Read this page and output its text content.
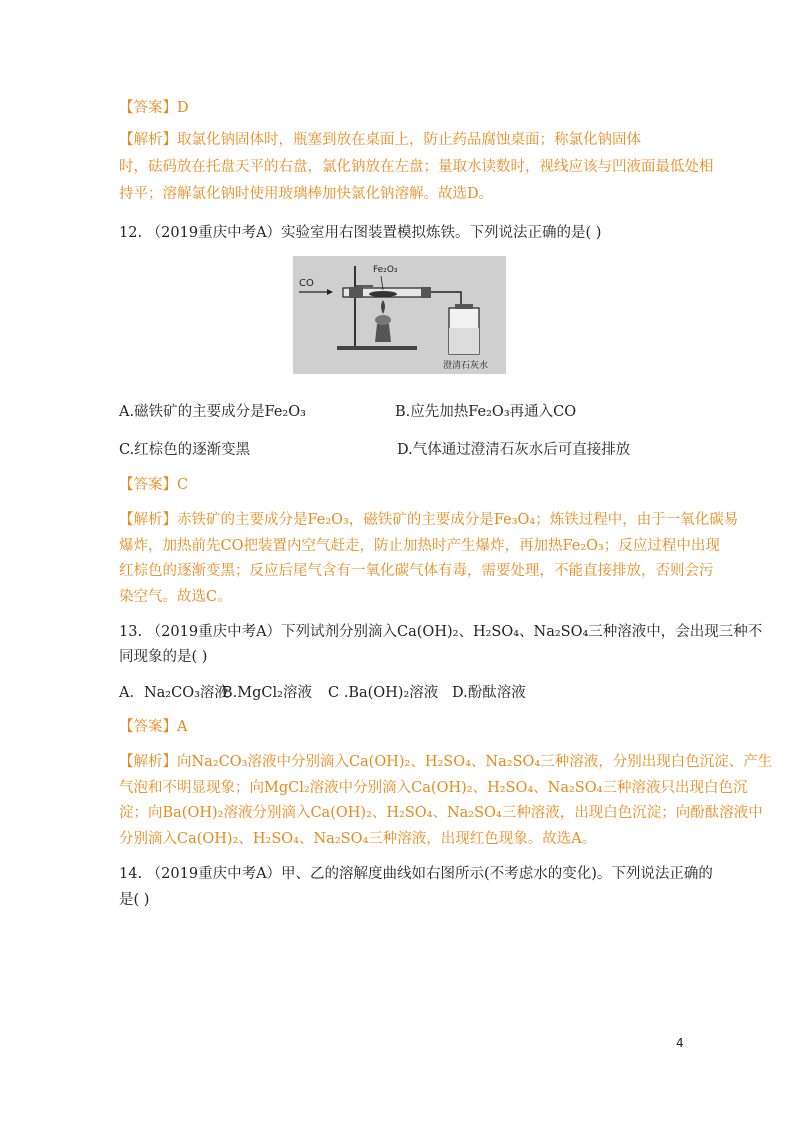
【答案】D
【解析】取氯化钠固体时，瓶塞到放在桌面上，防止药品腐蚀桌面；称氯化钠固体
时，砝码放在托盘天平的右盘，氯化钠放在左盘；量取水读数时，视线应该与凹液面最低处相
持平；溶解氯化钠时使用玻璃棒加快氯化钠溶解。故选D。
12. （2019重庆中考A）实验室用右图装置模拟炼铁。下列说法正确的是( )
CO
Fe₂O₃
澄清石灰水
A.磁铁矿的主要成分是Fe₂O₃	B.应先加热Fe₂O₃再通入CO
C.红棕色的逐渐变黑	D.气体通过澄清石灰水后可直接排放
【答案】C
【解析】赤铁矿的主要成分是Fe₂O₃，磁铁矿的主要成分是Fe₃O₄；炼铁过程中，由于一氧化碳易
爆炸，加热前先CO把装置内空气赶走，防止加热时产生爆炸，再加热Fe₂O₃；反应过程中出现
红棕色的逐渐变黑；反应后尾气含有一氧化碳气体有毒，需要处理，不能直接排放，否则会污
染空气。故选C。
13. （2019重庆中考A）下列试剂分别滴入Ca(OH)₂、H₂SO₄、Na₂SO₄三种溶液中，会出现三种不
同现象的是( )
A．Na₂CO₃溶液
B.MgCl₂溶液 C .Ba(OH)₂溶液 D.酚酞溶液
【答案】A
【解析】向Na₂CO₃溶液中分别滴入Ca(OH)₂、H₂SO₄、Na₂SO₄三种溶液，分别出现白色沉淀、产生
气泡和不明显现象；向MgCl₂溶液中分别滴入Ca(OH)₂、H₂SO₄、Na₂SO₄三种溶液只出现白色沉
淀；向Ba(OH)₂溶液分别滴入Ca(OH)₂、H₂SO₄、Na₂SO₄三种溶液，出现白色沉淀；向酚酞溶液中
分别滴入Ca(OH)₂、H₂SO₄、Na₂SO₄三种溶液，出现红色现象。故选A。
14. （2019重庆中考A）甲、乙的溶解度曲线如右图所示(不考虑水的变化)。下列说法正确的
是( )
4
